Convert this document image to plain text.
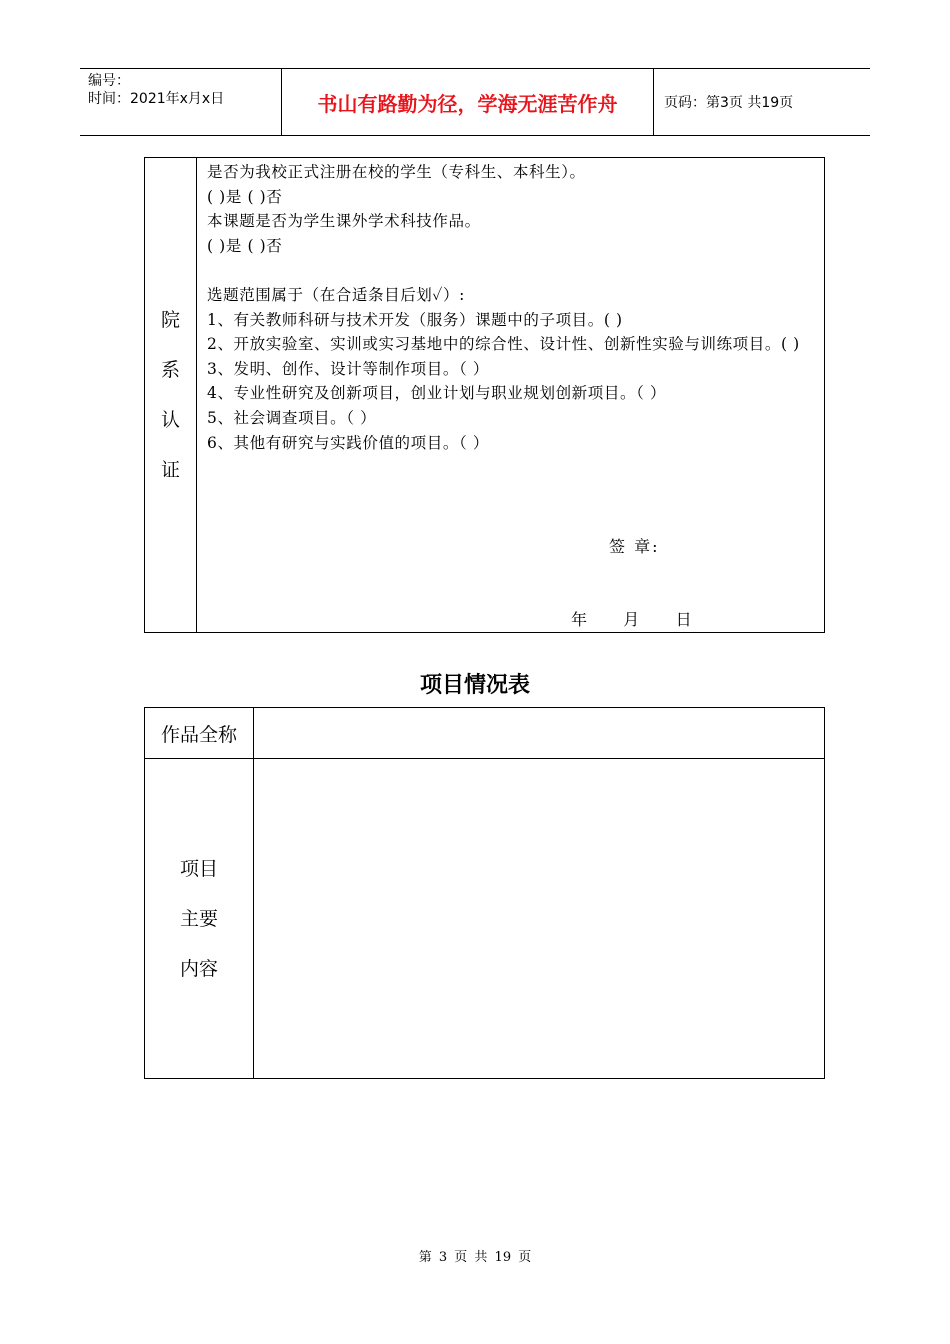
编号：
时间：2021年x月x日	书山有路勤为径，学海无涯苦作舟	页码：第3页 共19页
院
系
认
证

是否为我校正式注册在校的学生（专科生、本科生）。

( )是 ( )否

本课题是否为学生课外学术科技作品。

( )是 ( )否

选题范围属于（在合适条目后划✓）:

1、有关教师科研与技术开发（服务）课题中的子项目。( )

2、开放实验室、实训或实习基地中的综合性、设计性、创新性实验与训练项目。( )

3、发明、创作、设计等制作项目。（ ）

4、专业性研究及创新项目，创业计划与职业规划创新项目。（ ）

5、社会调查项目。（ ）

6、其他有研究与实践价值的项目。（ ）

签 章:
年 月 日
项目情况表
作品全称	

项目
主要
内容	

第 3 页 共 19 页
